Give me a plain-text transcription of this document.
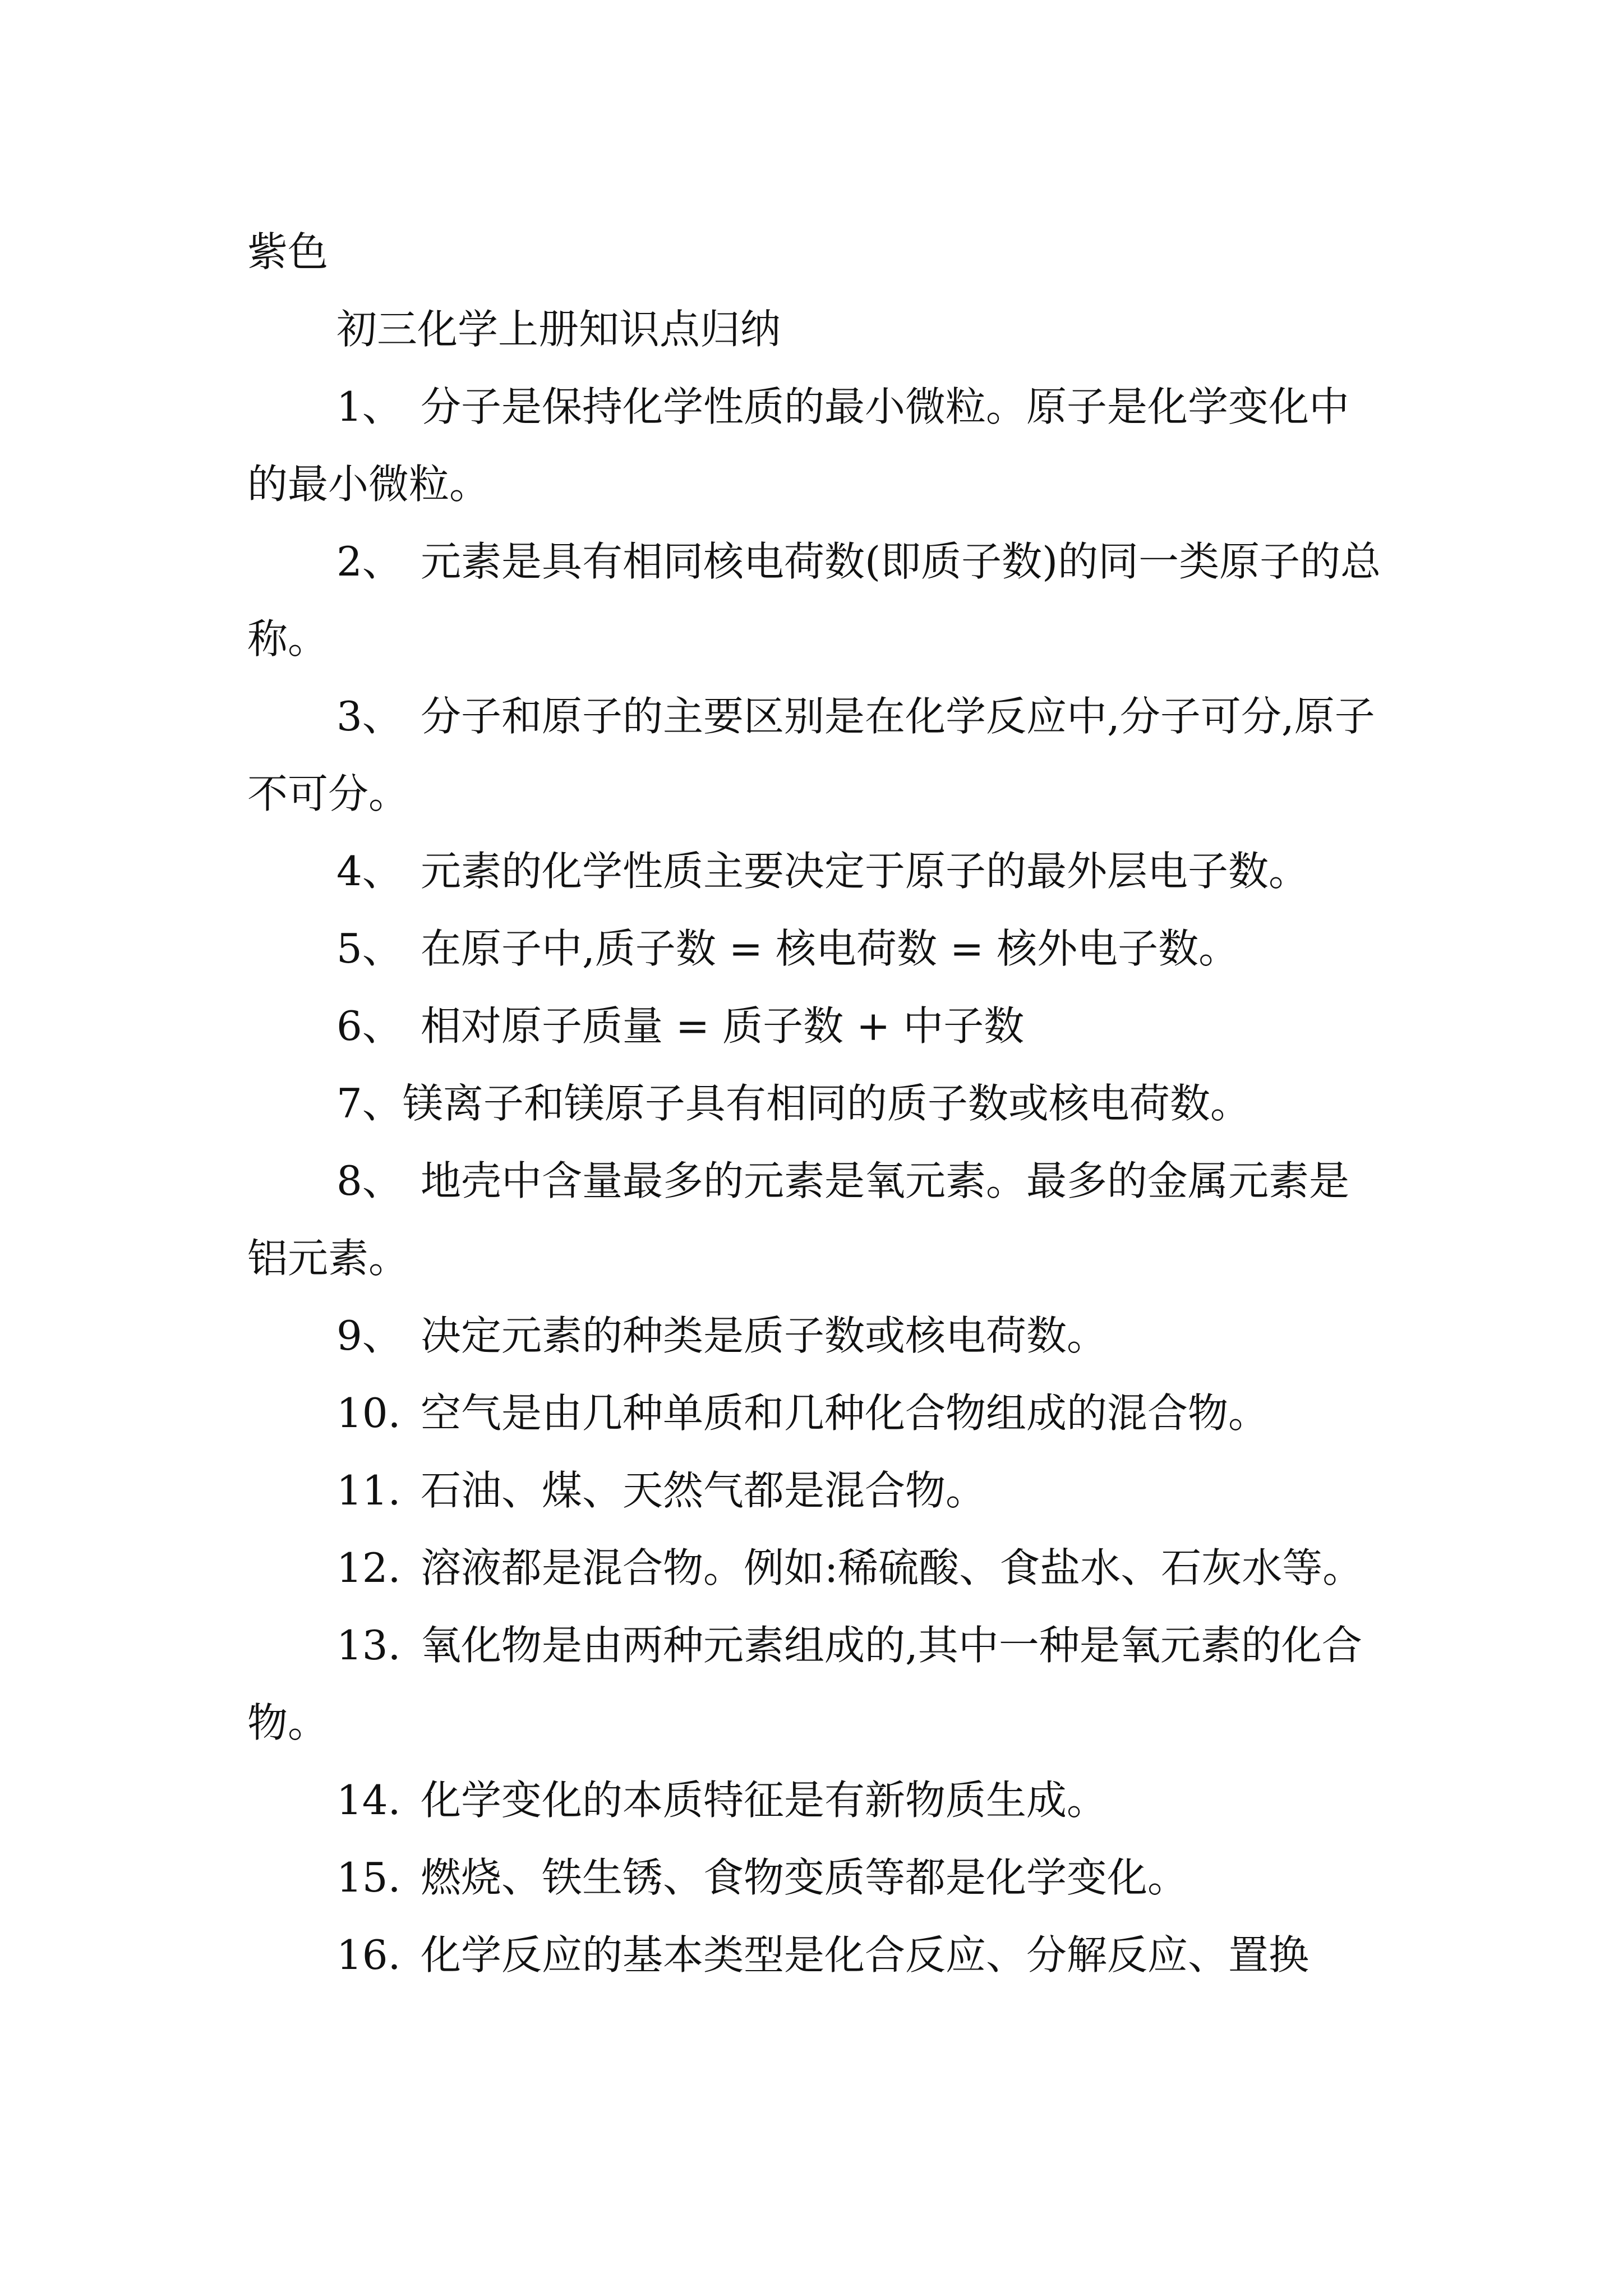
紫色

初三化学上册知识点归纳

1、 分子是保持化学性质的最小微粒。原子是化学变化中的最小微粒。

2、 元素是具有相同核电荷数(即质子数)的同一类原子的总称。

3、 分子和原子的主要区别是在化学反应中,分子可分,原子不可分。

4、 元素的化学性质主要决定于原子的最外层电子数。

5、 在原子中,质子数 = 核电荷数 = 核外电子数。

6、 相对原子质量 = 质子数 + 中子数

7、镁离子和镁原子具有相同的质子数或核电荷数。

8、 地壳中含量最多的元素是氧元素。最多的金属元素是铝元素。

9、 决定元素的种类是质子数或核电荷数。

10. 空气是由几种单质和几种化合物组成的混合物。

11. 石油、煤、天然气都是混合物。

12. 溶液都是混合物。例如:稀硫酸、食盐水、石灰水等。

13. 氧化物是由两种元素组成的,其中一种是氧元素的化合物。

14. 化学变化的本质特征是有新物质生成。

15. 燃烧、铁生锈、食物变质等都是化学变化。

16. 化学反应的基本类型是化合反应、分解反应、置换
